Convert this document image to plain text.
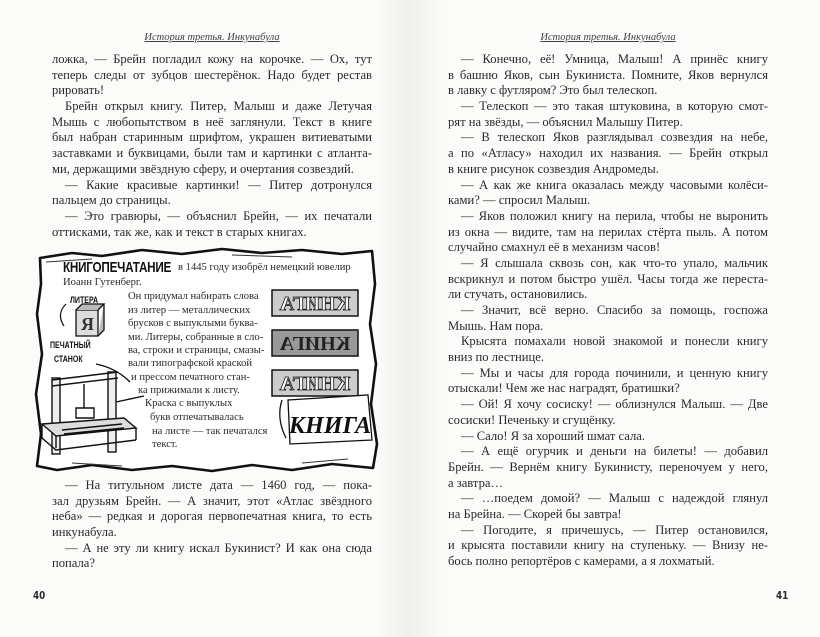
История третья. Инкунабула
ложка, — Брейн погладил кожу на корочке. — Ох, тут
теперь следы от зубцов шестерёнок. Надо будет рестав
рировать!
Брейн открыл книгу. Питер, Малыш и даже Летучая
Мышь с любопытством в неё заглянули. Текст в книге
был набран старинным шрифтом, украшен витиеватыми
заставками и буквицами, были там и картинки с атланта-
ми, держащими звёздную сферу, и очертания созвездий.
— Какие красивые картинки! — Питер дотронулся
пальцем до страницы.
— Это гравюры, — объяснил Брейн, — их печатали
оттисками, так же, как и текст в старых книгах.
Я
КНИГА
КНИГА
КНИГА
КНИГА
КНИГОПЕЧАТАНИЕ в 1445 году изобрёл немецкий ювелир
Иоанн Гутенберг.
Он придумал набирать слова
из литер — металлических
брусков с выпуклыми буква-
ми. Литеры, собранные в сло-
ва, строки и страницы, смазы-
вали типографской краской
и прессом печатного стан-
ка прижимали к листу.
Краска с выпуклых
букв отпечатывалась
на листе — так печатался
текст.
ЛИТЕРА
ПЕЧАТНЫЙ
СТАНОК
— На титульном листе дата — 1460 год, — пока-
зал друзьям Брейн. — А значит, этот «Атлас звёздного
неба» — редкая и дорогая первопечатная книга, то есть
инкунабула.
— А не эту ли книгу искал Букинист? И как она сюда
попала?
40
История третья. Инкунабула
— Конечно, её! Умница, Малыш! А принёс книгу
в башню Яков, сын Букиниста. Помните, Яков вернулся
в лавку с футляром? Это был телескоп.
— Телескоп — это такая штуковина, в которую смот-
рят на звёзды, — объяснил Малышу Питер.
— В телескоп Яков разглядывал созвездия на небе,
а по «Атласу» находил их названия. — Брейн открыл
в книге рисунок созвездия Андромеды.
— А как же книга оказалась между часовыми колёси-
ками? — спросил Малыш.
— Яков положил книгу на перила, чтобы не выронить
из окна — видите, там на перилах стёрта пыль. А потом
случайно смахнул её в механизм часов!
— Я слышала сквозь сон, как что-то упало, мальчик
вскрикнул и потом быстро ушёл. Часы тогда же переста-
ли стучать, остановились.
— Значит, всё верно. Спасибо за помощь, госпожа
Мышь. Нам пора.
Крысята помахали новой знакомой и понесли книгу
вниз по лестнице.
— Мы и часы для города починили, и ценную книгу
отыскали! Чем же нас наградят, братишки?
— Ой! Я хочу сосиску! — облизнулся Малыш. — Две
сосиски! Печеньку и сгущёнку.
— Сало! Я за хороший шмат сала.
— А ещё огурчик и деньги на билеты! — добавил
Брейн. — Вернём книгу Букинисту, переночуем у него,
а завтра…
— …поедем домой? — Малыш с надеждой глянул
на Брейна. — Скорей бы завтра!
— Погодите, я причешусь, — Питер остановился,
и крысята поставили книгу на ступеньку. — Внизу не-
бось полно репортёров с камерами, а я лохматый.
41
